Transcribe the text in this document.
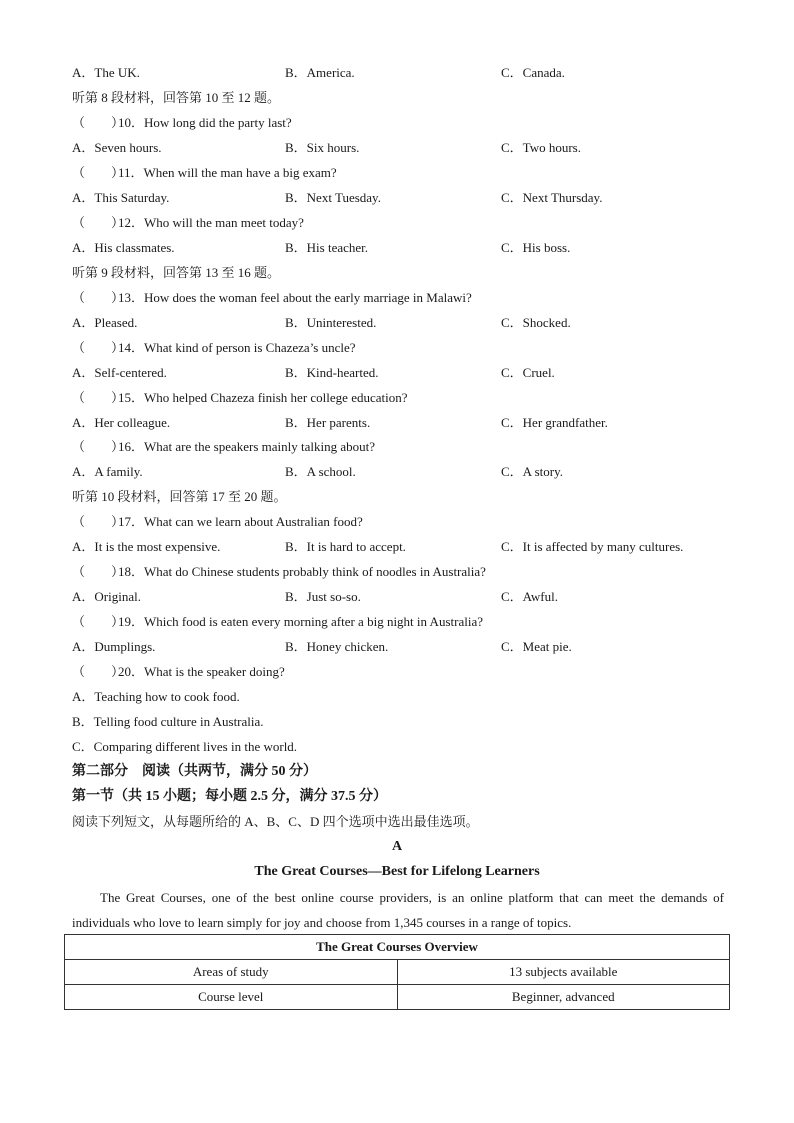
A．The UK.	B．America.	C．Canada.
听第 8 段材料，回答第 10 至 12 题。
（　　）10．How long did the party last?
A．Seven hours.	B．Six hours.	C．Two hours.
（　　）11．When will the man have a big exam?
A．This Saturday.	B．Next Tuesday.	C．Next Thursday.
（　　）12．Who will the man meet today?
A．His classmates.	B．His teacher.	C．His boss.
听第 9 段材料，回答第 13 至 16 题。
（　　）13．How does the woman feel about the early marriage in Malawi?
A．Pleased.	B．Uninterested.	C．Shocked.
（　　）14．What kind of person is Chazeza’s uncle?
A．Self-centered.	B．Kind-hearted.	C．Cruel.
（　　）15．Who helped Chazeza finish her college education?
A．Her colleague.	B．Her parents.	C．Her grandfather.
（　　）16．What are the speakers mainly talking about?
A．A family.	B．A school.	C．A story.
听第 10 段材料，回答第 17 至 20 题。
（　　）17．What can we learn about Australian food?
A．It is the most expensive.	B．It is hard to accept.	C．It is affected by many cultures.
（　　）18．What do Chinese students probably think of noodles in Australia?
A．Original.	B．Just so-so.	C．Awful.
（　　）19．Which food is eaten every morning after a big night in Australia?
A．Dumplings.	B．Honey chicken.	C．Meat pie.
（　　）20．What is the speaker doing?
A．Teaching how to cook food.
B．Telling food culture in Australia.
C．Comparing different lives in the world.
第二部分　阅读（共两节，满分 50 分）
第一节（共 15 小题；每小题 2.5 分，满分 37.5 分）
阅读下列短文，从每题所给的 A、B、C、D 四个选项中选出最佳选项。
A
The Great Courses—Best for Lifelong Learners
The Great Courses, one of the best online course providers, is an online platform that can meet the demands of individuals who love to learn simply for joy and choose from 1,345 courses in a range of topics.
The Great Courses Overview	
Areas of study	13 subjects available
Course level	Beginner, advanced
